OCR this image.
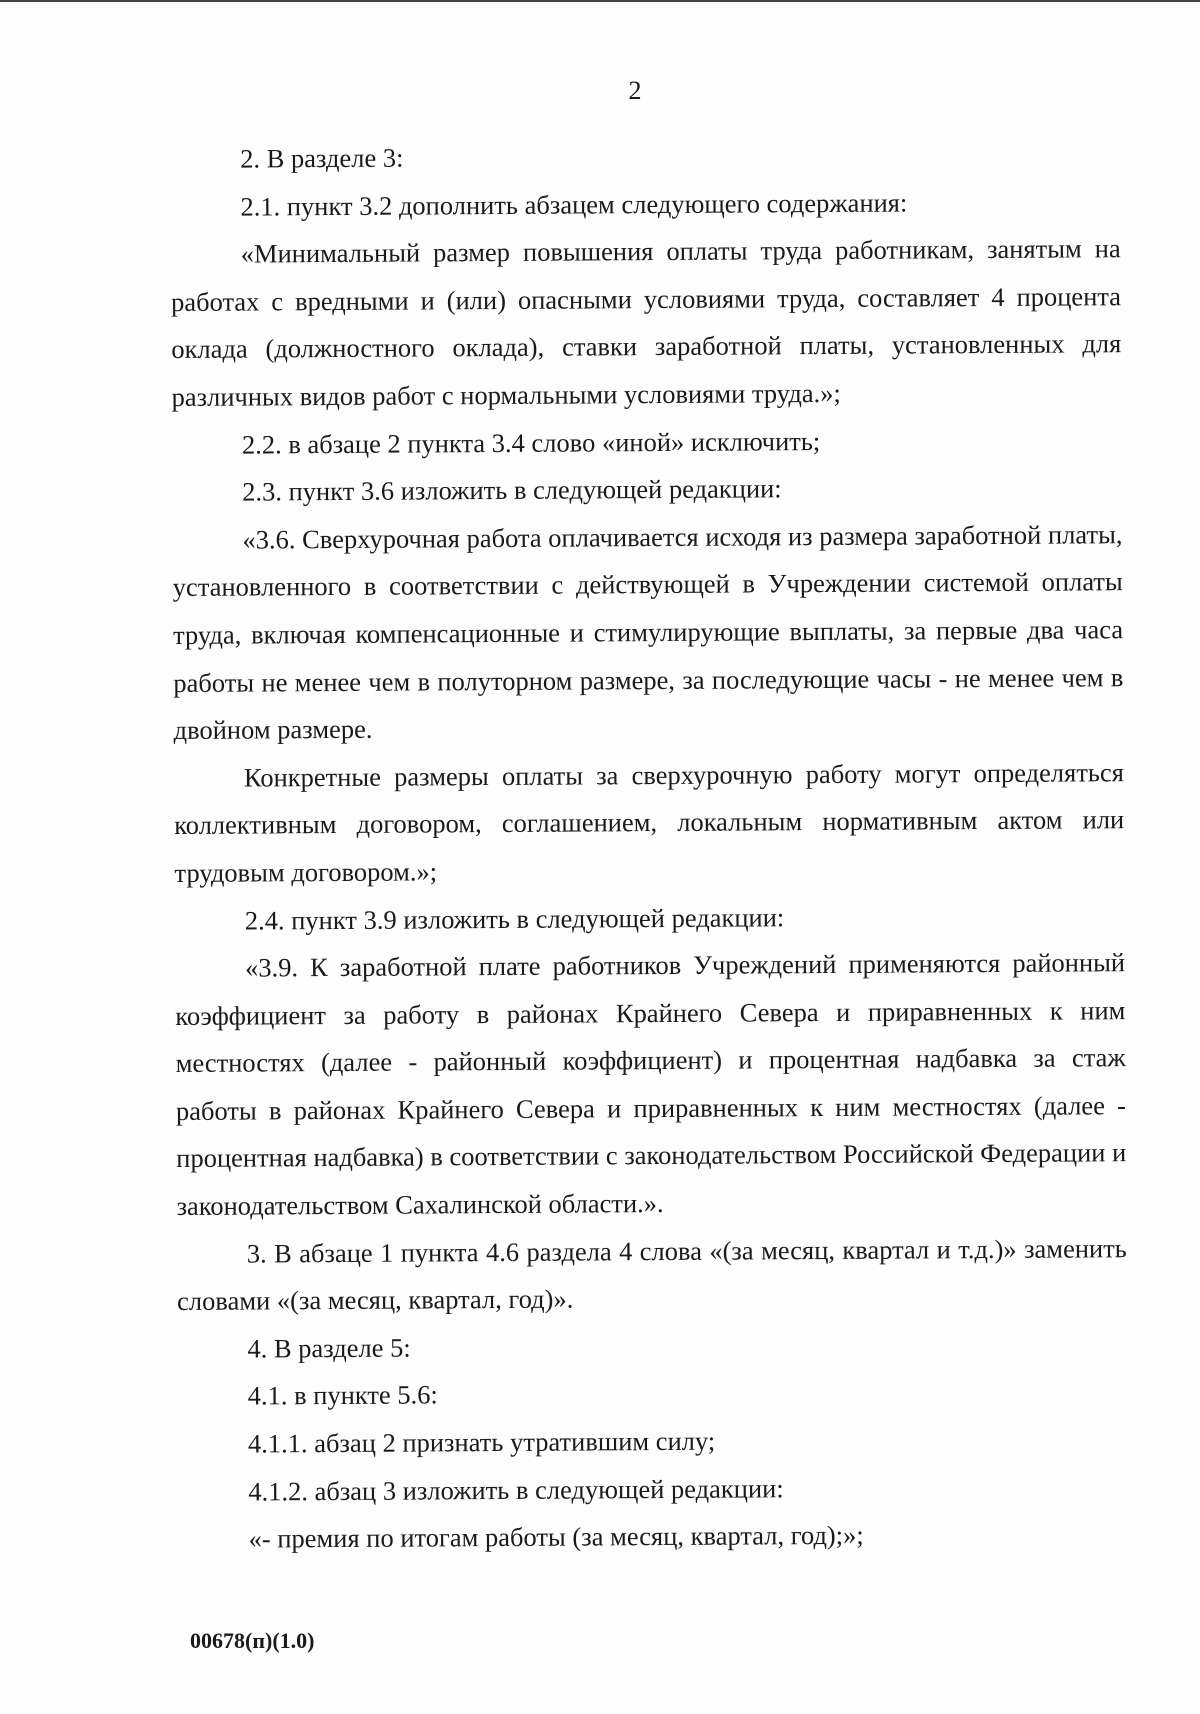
2

2. В разделе 3:

2.1. пункт 3.2 дополнить абзацем следующего содержания:

«Минимальный размер повышения оплаты труда работникам, занятым на работах с вредными и (или) опасными условиями труда, составляет 4 процента оклада (должностного оклада), ставки заработной платы, установленных для различных видов работ с нормальными условиями труда.»;

2.2. в абзаце 2 пункта 3.4 слово «иной» исключить;

2.3. пункт 3.6 изложить в следующей редакции:

«3.6. Сверхурочная работа оплачивается исходя из размера заработной платы, установленного в соответствии с действующей в Учреждении системой оплаты труда, включая компенсационные и стимулирующие выплаты, за первые два часа работы не менее чем в полуторном размере, за последующие часы - не менее чем в двойном размере.

Конкретные размеры оплаты за сверхурочную работу могут определяться коллективным договором, соглашением, локальным нормативным актом или трудовым договором.»;

2.4. пункт 3.9 изложить в следующей редакции:

«3.9. К заработной плате работников Учреждений применяются районный коэффициент за работу в районах Крайнего Севера и приравненных к ним местностях (далее - районный коэффициент) и процентная надбавка за стаж работы в районах Крайнего Севера и приравненных к ним местностях (далее - процентная надбавка) в соответствии с законодательством Российской Федерации и законодательством Сахалинской области.».

3. В абзаце 1 пункта 4.6 раздела 4 слова «(за месяц, квартал и т.д.)» заменить словами «(за месяц, квартал, год)».

4. В разделе 5:

4.1. в пункте 5.6:

4.1.1. абзац 2 признать утратившим силу;

4.1.2. абзац 3 изложить в следующей редакции:

«- премия по итогам работы (за месяц, квартал, год);»;

00678(п)(1.0)
